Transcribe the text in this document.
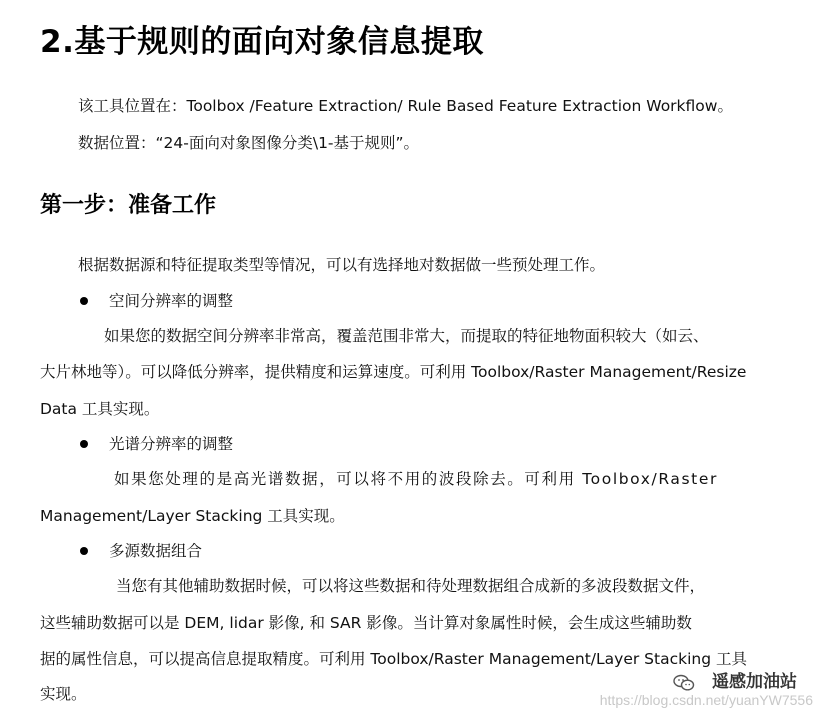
2.基于规则的面向对象信息提取
该工具位置在：Toolbox /Feature Extraction/ Rule Based Feature Extraction Workflow。
数据位置：“24-面向对象图像分类\1-基于规则”。
第一步：准备工作
根据数据源和特征提取类型等情况，可以有选择地对数据做一些预处理工作。
空间分辨率的调整
如果您的数据空间分辨率非常高，覆盖范围非常大，而提取的特征地物面积较大（如云、
大片林地等）。可以降低分辨率，提供精度和运算速度。可利用 Toolbox/Raster Management/Resize
Data 工具实现。
光谱分辨率的调整
如果您处理的是高光谱数据，可以将不用的波段除去。可利用 Toolbox/Raster
Management/Layer Stacking 工具实现。
多源数据组合
当您有其他辅助数据时候，可以将这些数据和待处理数据组合成新的多波段数据文件，
这些辅助数据可以是 DEM, lidar 影像, 和 SAR 影像。当计算对象属性时候，会生成这些辅助数
据的属性信息，可以提高信息提取精度。可利用 Toolbox/Raster Management/Layer Stacking 工具
实现。
遥感加油站
https://blog.csdn.net/yuanYW7556
